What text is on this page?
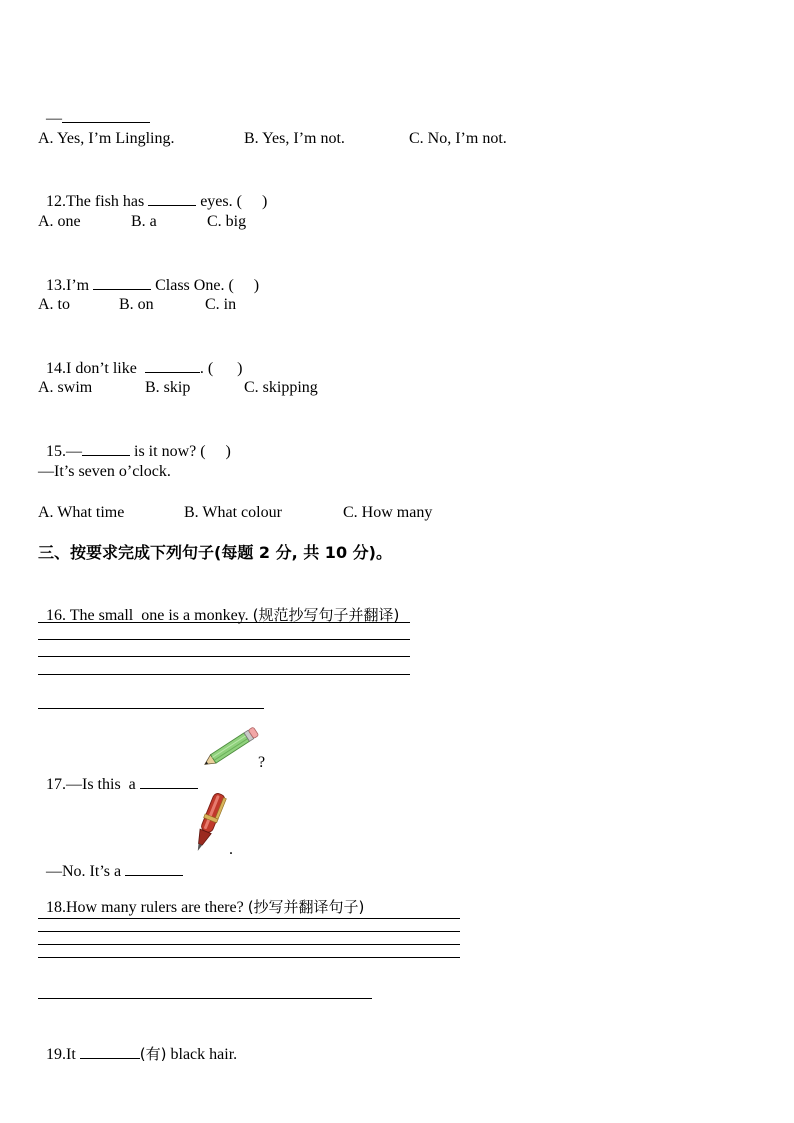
—

A. Yes, I’m Lingling.	B. Yes, I’m not.	C. No, I’m not.

12.The fish has	eyes. (     )

A. one	B. a	C. big

13.I’m	Class One. (     )

A. to	B. on	C. in

14.I don’t like	. (      )

A. swim	B. skip	C. skipping

15.—	is it now? (     )

—It’s seven o’clock.
A. What time	B. What colour	C. How many
三、按要求完成下列句子(每题 2 分, 共 10 分)。

16. The small  one is a monkey. (规范抄写句子并翻译)

17.—Is this  a

?

—No. It’s a

.

18.How many rulers are there? (抄写并翻译句子)

19.It	(有) black hair.
